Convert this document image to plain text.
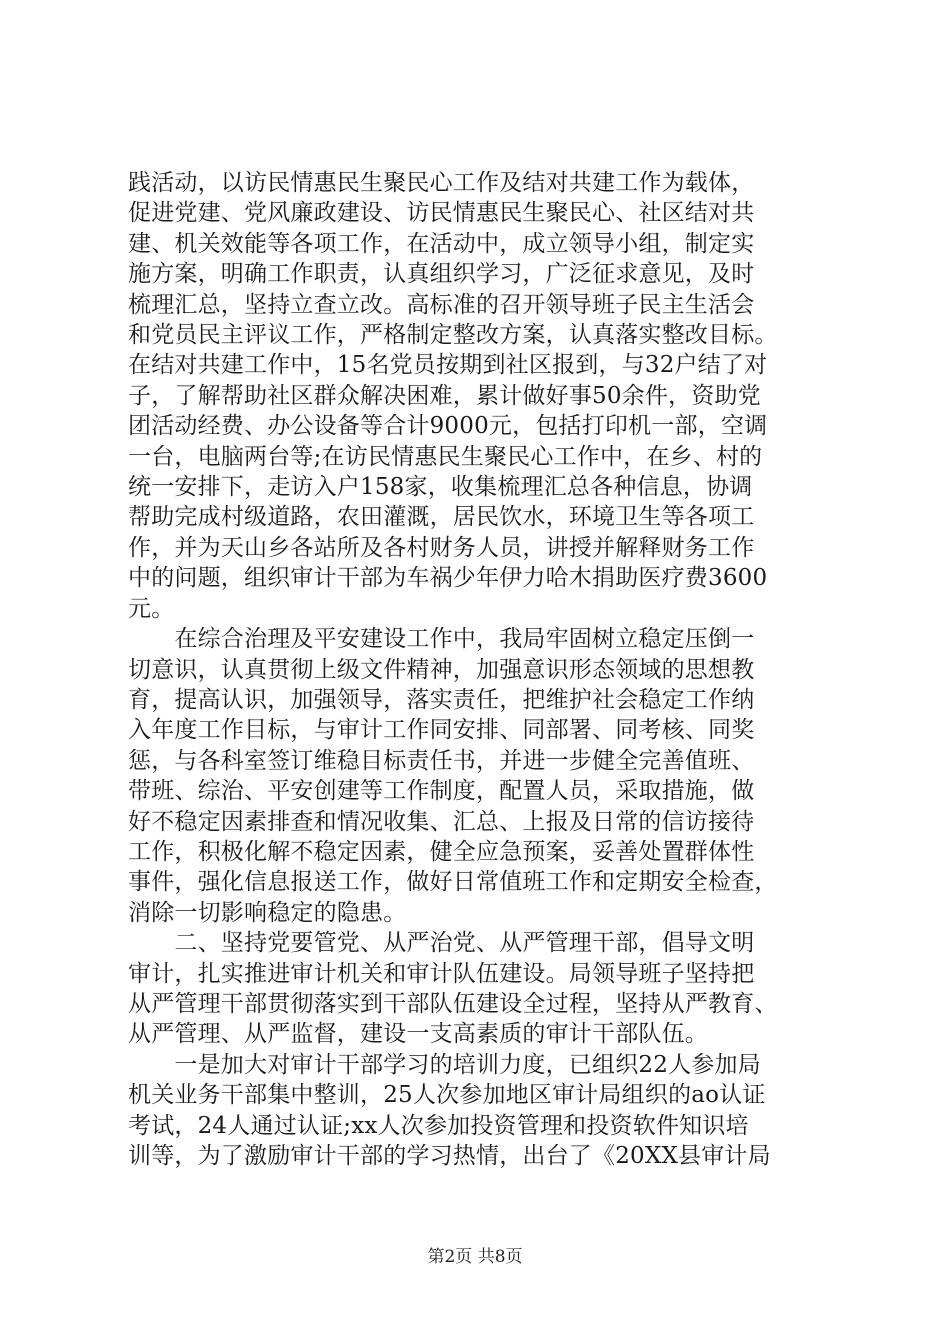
践活动，以访民情惠民生聚民心工作及结对共建工作为载体，
促进党建、党风廉政建设、访民情惠民生聚民心、社区结对共
建、机关效能等各项工作，在活动中，成立领导小组，制定实
施方案，明确工作职责，认真组织学习，广泛征求意见，及时
梳理汇总，坚持立查立改。高标准的召开领导班子民主生活会
和党员民主评议工作，严格制定整改方案，认真落实整改目标。
在结对共建工作中，15名党员按期到社区报到，与32户结了对
子，了解帮助社区群众解决困难，累计做好事50余件，资助党
团活动经费、办公设备等合计9000元，包括打印机一部，空调
一台，电脑两台等;在访民情惠民生聚民心工作中，在乡、村的
统一安排下，走访入户158家，收集梳理汇总各种信息，协调
帮助完成村级道路，农田灌溉，居民饮水，环境卫生等各项工
作，并为天山乡各站所及各村财务人员，讲授并解释财务工作
中的问题，组织审计干部为车祸少年伊力哈木捐助医疗费3600
元。
　　在综合治理及平安建设工作中，我局牢固树立稳定压倒一
切意识，认真贯彻上级文件精神，加强意识形态领域的思想教
育，提高认识，加强领导，落实责任，把维护社会稳定工作纳
入年度工作目标，与审计工作同安排、同部署、同考核、同奖
惩，与各科室签订维稳目标责任书，并进一步健全完善值班、
带班、综治、平安创建等工作制度，配置人员，采取措施，做
好不稳定因素排查和情况收集、汇总、上报及日常的信访接待
工作，积极化解不稳定因素，健全应急预案，妥善处置群体性
事件，强化信息报送工作，做好日常值班工作和定期安全检查，
消除一切影响稳定的隐患。
　　二、坚持党要管党、从严治党、从严管理干部，倡导文明
审计，扎实推进审计机关和审计队伍建设。局领导班子坚持把
从严管理干部贯彻落实到干部队伍建设全过程，坚持从严教育、
从严管理、从严监督，建设一支高素质的审计干部队伍。
　　一是加大对审计干部学习的培训力度，已组织22人参加局
机关业务干部集中整训，25人次参加地区审计局组织的ao认证
考试，24人通过认证;xx人次参加投资管理和投资软件知识培
训等，为了激励审计干部的学习热情，出台了《20XX县审计局
第2页 共8页
